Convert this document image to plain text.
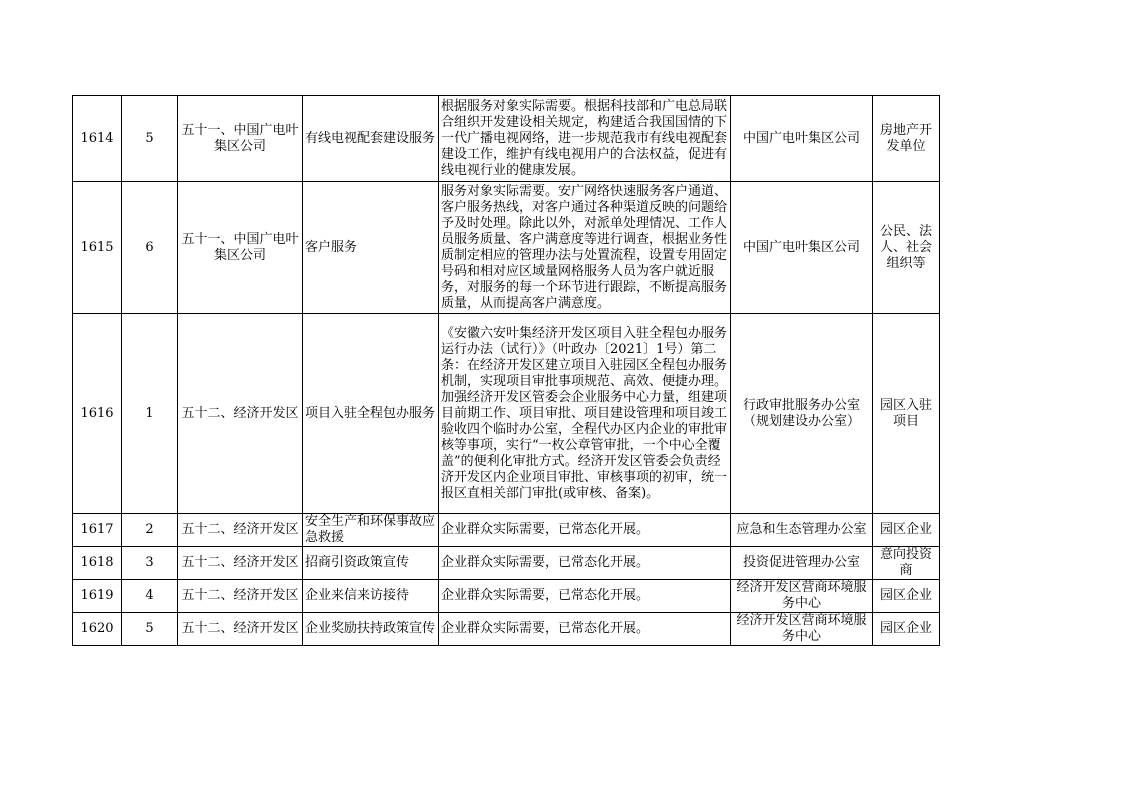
1614	5	五十一、中国广电叶集区公司	有线电视配套建设服务	根据服务对象实际需要。根据科技部和广电总局联合组织开发建设相关规定，构建适合我国国情的下一代广播电视网络，进一步规范我市有线电视配套建设工作，维护有线电视用户的合法权益，促进有线电视行业的健康发展。	中国广电叶集区公司	房地产开发单位
1615	6	五十一、中国广电叶集区公司	客户服务	服务对象实际需要。安广网络快速服务客户通道、客户服务热线，对客户通过各种渠道反映的问题给予及时处理。除此以外，对派单处理情况、工作人员服务质量、客户满意度等进行调查，根据业务性质制定相应的管理办法与处置流程，设置专用固定号码和相对应区域量网格服务人员为客户就近服务，对服务的每一个环节进行跟踪，不断提高服务质量，从而提高客户满意度。	中国广电叶集区公司	公民、法人、社会组织等
1616	1	五十二、经济开发区	项目入驻全程包办服务	《安徽六安叶集经济开发区项目入驻全程包办服务运行办法（试行）》（叶政办〔2021〕1号）第二条：在经济开发区建立项目入驻园区全程包办服务机制，实现项目审批事项规范、高效、便捷办理。加强经济开发区管委会企业服务中心力量，组建项目前期工作、项目审批、项目建设管理和项目竣工验收四个临时办公室，全程代办区内企业的审批审核等事项，实行“一枚公章管审批，一个中心全覆盖”的便利化审批方式。经济开发区管委会负责经济开发区内企业项目审批、审核事项的初审，统一报区直相关部门审批(或审核、备案)。	行政审批服务办公室（规划建设办公室）	园区入驻项目
1617	2	五十二、经济开发区	安全生产和环保事故应急救援	企业群众实际需要，已常态化开展。	应急和生态管理办公室	园区企业
1618	3	五十二、经济开发区	招商引资政策宣传	企业群众实际需要，已常态化开展。	投资促进管理办公室	意向投资商
1619	4	五十二、经济开发区	企业来信来访接待	企业群众实际需要，已常态化开展。	经济开发区营商环境服务中心	园区企业
1620	5	五十二、经济开发区	企业奖励扶持政策宣传	企业群众实际需要，已常态化开展。	经济开发区营商环境服务中心	园区企业
